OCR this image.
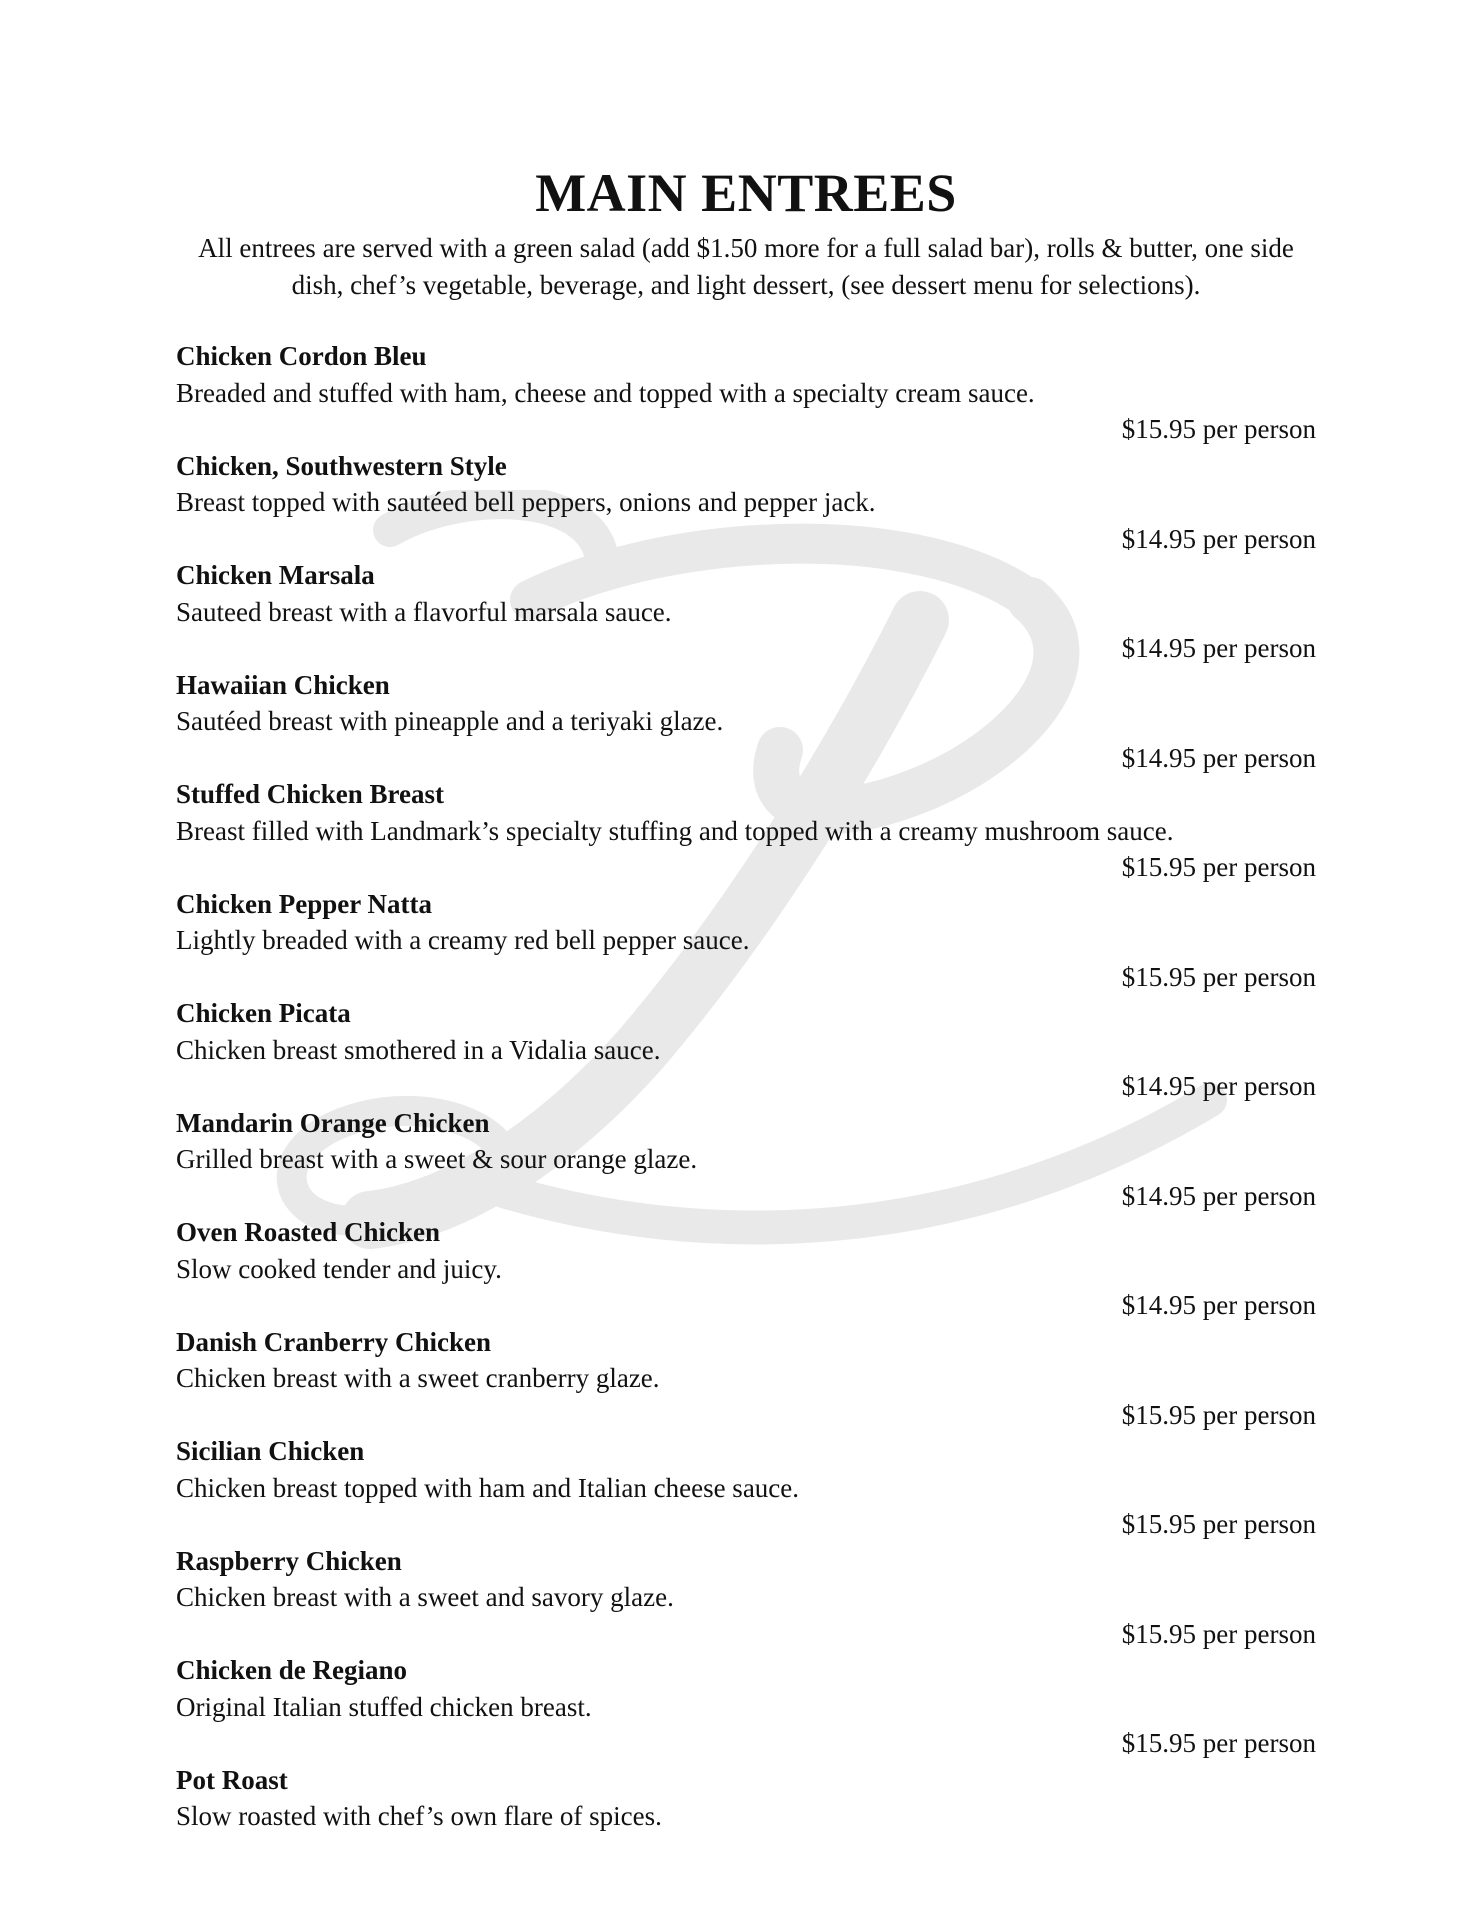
MAIN ENTREES

All entrees are served with a green salad (add $1.50 more for a full salad bar), rolls & butter, one side dish, chef’s vegetable, beverage, and light dessert, (see dessert menu for selections).

Chicken Cordon Bleu
Breaded and stuffed with ham, cheese and topped with a specialty cream sauce.
$15.95 per person
Chicken, Southwestern Style
Breast topped with sautéed bell peppers, onions and pepper jack.
$14.95 per person
Chicken Marsala
Sauteed breast with a flavorful marsala sauce.
$14.95 per person
Hawaiian Chicken
Sautéed breast with pineapple and a teriyaki glaze.
$14.95 per person
Stuffed Chicken Breast
Breast filled with Landmark’s specialty stuffing and topped with a creamy mushroom sauce.
$15.95 per person
Chicken Pepper Natta
Lightly breaded with a creamy red bell pepper sauce.
$15.95 per person
Chicken Picata
Chicken breast smothered in a Vidalia sauce.
$14.95 per person
Mandarin Orange Chicken
Grilled breast with a sweet & sour orange glaze.
$14.95 per person
Oven Roasted Chicken
Slow cooked tender and juicy.
$14.95 per person
Danish Cranberry Chicken
Chicken breast with a sweet cranberry glaze.
$15.95 per person
Sicilian Chicken
Chicken breast topped with ham and Italian cheese sauce.
$15.95 per person
Raspberry Chicken
Chicken breast with a sweet and savory glaze.
$15.95 per person
Chicken de Regiano
Original Italian stuffed chicken breast.
$15.95 per person
Pot Roast
Slow roasted with chef’s own flare of spices.
